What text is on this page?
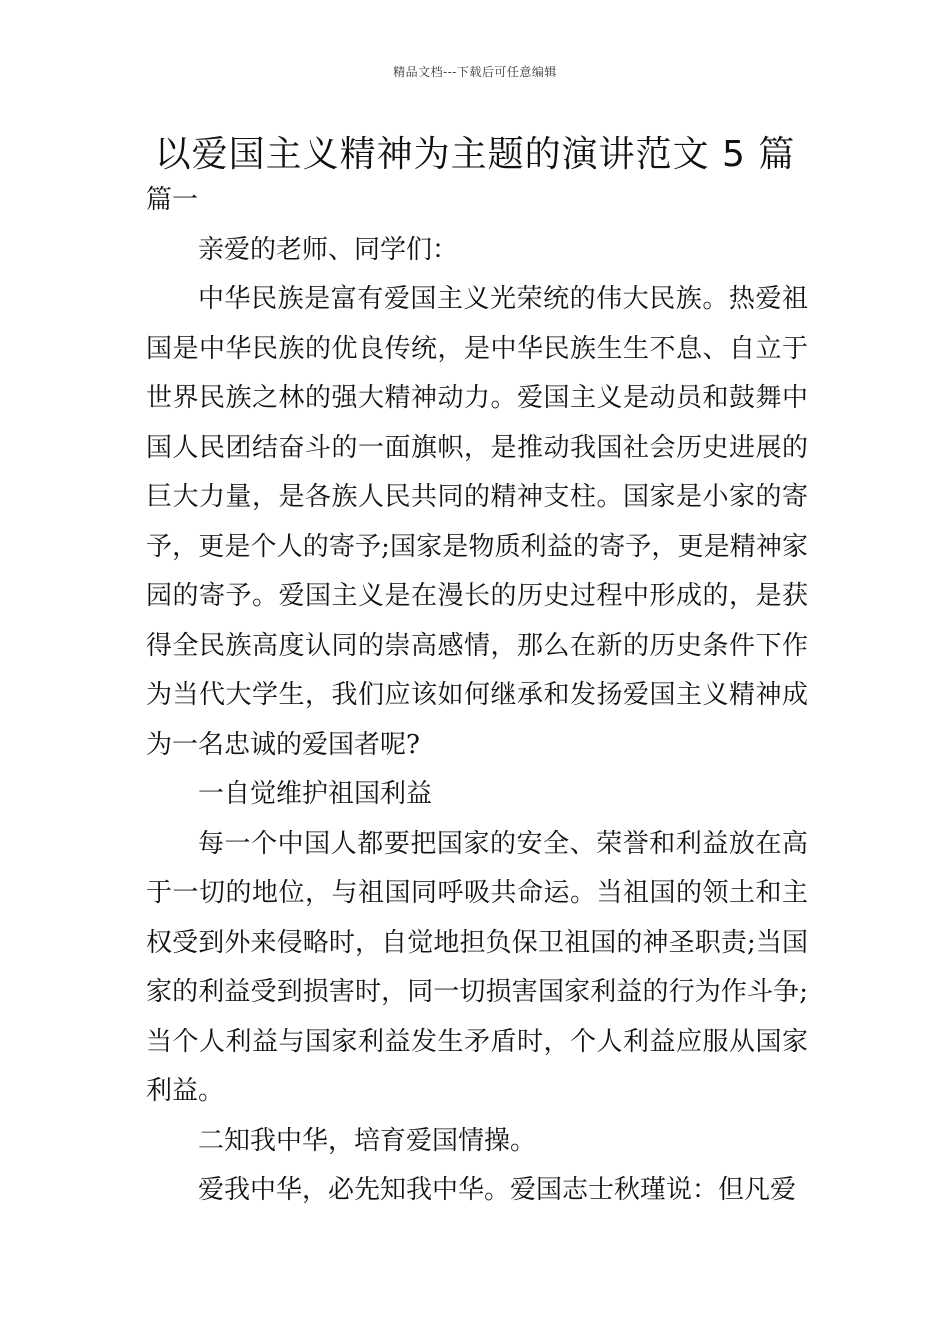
精品文档---下载后可任意编辑
以爱国主义精神为主题的演讲范文 5 篇

篇一

亲爱的老师、同学们：

中华民族是富有爱国主义光荣统的伟大民族。热爱祖国是中华民族的优良传统，是中华民族生生不息、自立于世界民族之林的强大精神动力。爱国主义是动员和鼓舞中国人民团结奋斗的一面旗帜，是推动我国社会历史进展的巨大力量，是各族人民共同的精神支柱。国家是小家的寄予，更是个人的寄予;国家是物质利益的寄予，更是精神家园的寄予。爱国主义是在漫长的历史过程中形成的，是获得全民族高度认同的崇高感情，那么在新的历史条件下作为当代大学生，我们应该如何继承和发扬爱国主义精神成为一名忠诚的爱国者呢?

一自觉维护祖国利益

每一个中国人都要把国家的安全、荣誉和利益放在高于一切的地位，与祖国同呼吸共命运。当祖国的领土和主权受到外来侵略时，自觉地担负保卫祖国的神圣职责;当国家的利益受到损害时，同一切损害国家利益的行为作斗争;当个人利益与国家利益发生矛盾时，个人利益应服从国家利益。

二知我中华，培育爱国情操。

爱我中华，必先知我中华。爱国志士秋瑾说：但凡爱
